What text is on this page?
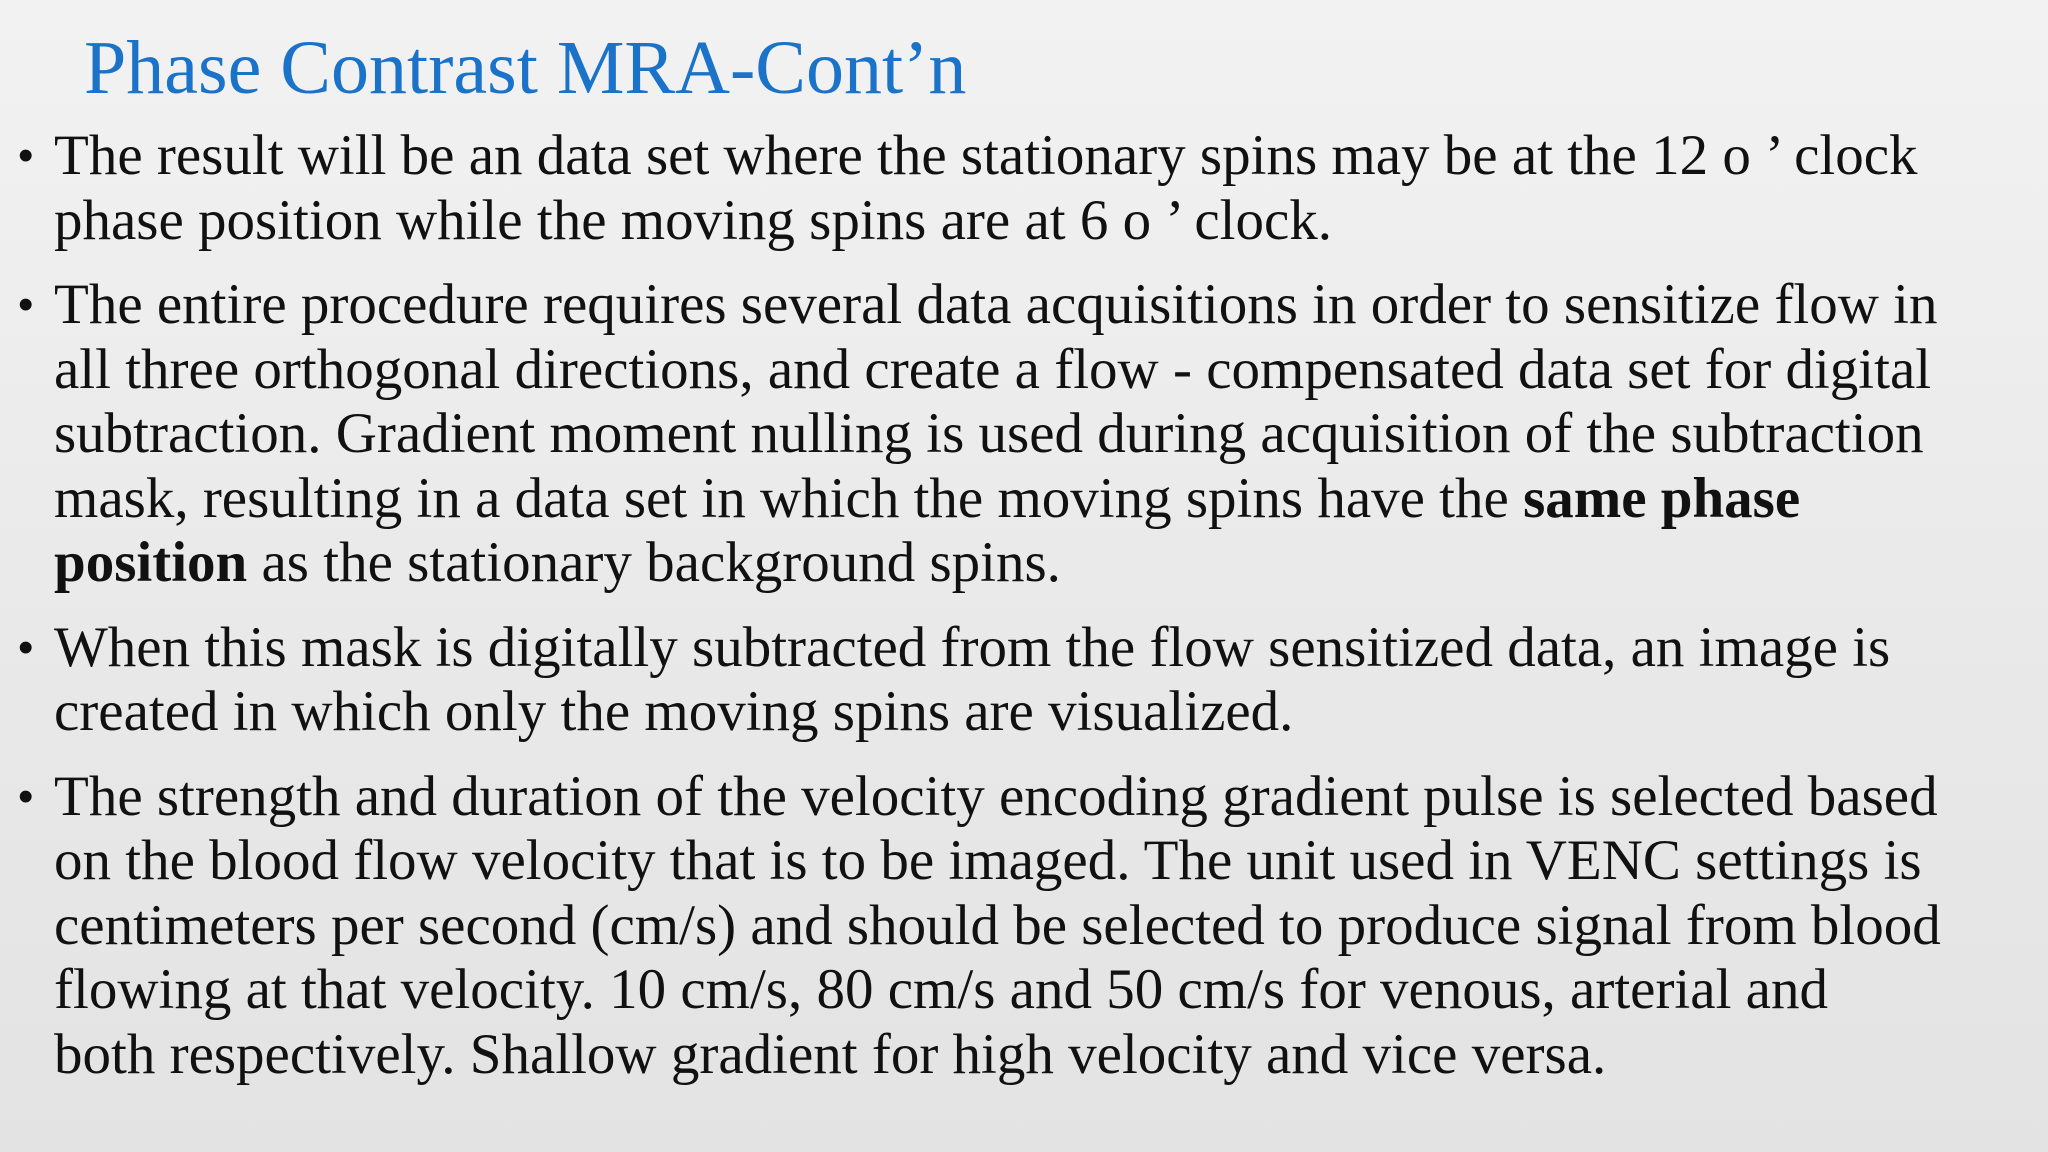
Phase Contrast MRA-Cont’n
• The result will be an data set where the stationary spins may be at the 12 o ’ clock
phase position while the moving spins are at 6 o ’ clock.
• The entire procedure requires several data acquisitions in order to sensitize flow in
all three orthogonal directions, and create a flow - compensated data set for digital
subtraction. Gradient moment nulling is used during acquisition of the subtraction
mask, resulting in a data set in which the moving spins have the same phase
position as the stationary background spins.
• When this mask is digitally subtracted from the flow sensitized data, an image is
created in which only the moving spins are visualized.
• The strength and duration of the velocity encoding gradient pulse is selected based
on the blood flow velocity that is to be imaged. The unit used in VENC settings is
centimeters per second (cm/s) and should be selected to produce signal from blood
flowing at that velocity. 10 cm/s, 80 cm/s and 50 cm/s for venous, arterial and
both respectively. Shallow gradient for high velocity and vice versa.
